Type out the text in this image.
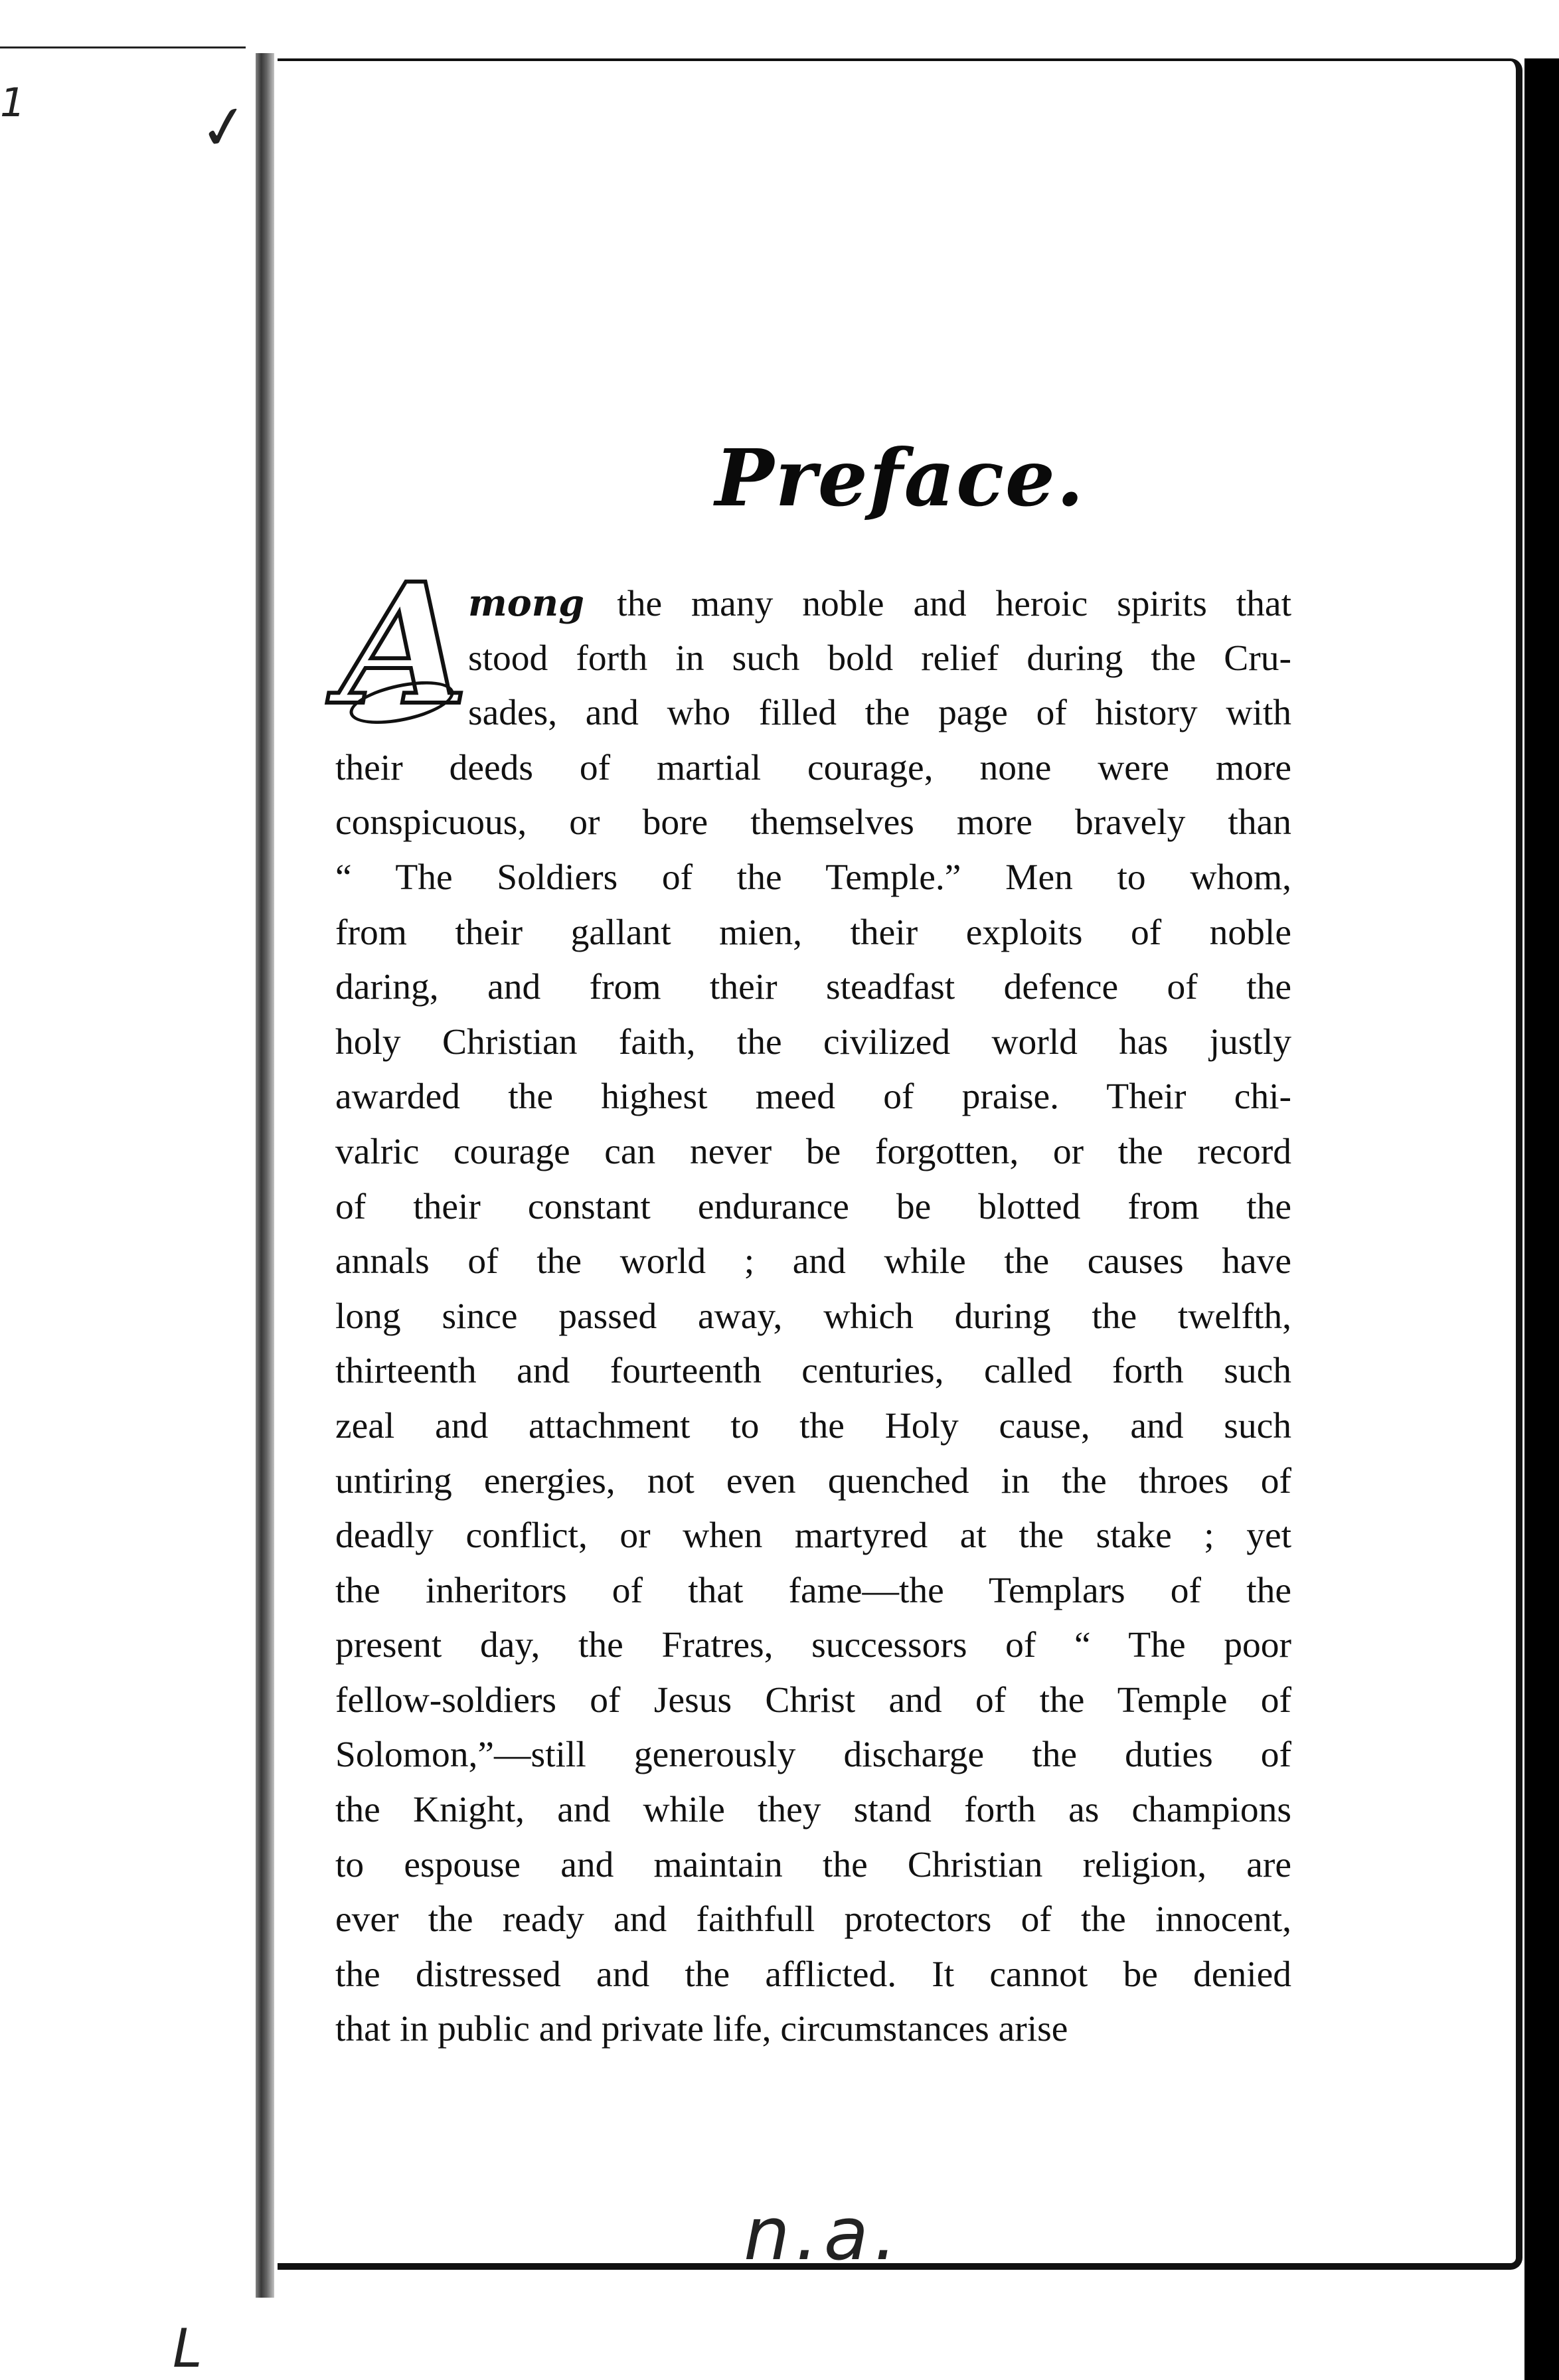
1	✓
Preface.
A mong the many noble and heroic spirits that
stood forth in such bold relief during the Cru-
sades, and who filled the page of history with
their deeds of martial courage, none were more
conspicuous, or bore themselves more bravely than
“ The Soldiers of the Temple.” Men to whom,
from their gallant mien, their exploits of noble
daring, and from their steadfast defence of the
holy Christian faith, the civilized world has justly
awarded the highest meed of praise. Their chi-
valric courage can never be forgotten, or the record
of their constant endurance be blotted from the
annals of the world ; and while the causes have
long since passed away, which during the twelfth,
thirteenth and fourteenth centuries, called forth such
zeal and attachment to the Holy cause, and such
untiring energies, not even quenched in the throes of
deadly conflict, or when martyred at the stake ; yet
the inheritors of that fame—the Templars of the
present day, the Fratres, successors of “ The poor
fellow-soldiers of Jesus Christ and of the Temple of
Solomon,”—still generously discharge the duties of
the Knight, and while they stand forth as champions
to espouse and maintain the Christian religion, are
ever the ready and faithfull protectors of the innocent,
the distressed and the afflicted. It cannot be denied
that in public and private life, circumstances arise
n.a.
L
